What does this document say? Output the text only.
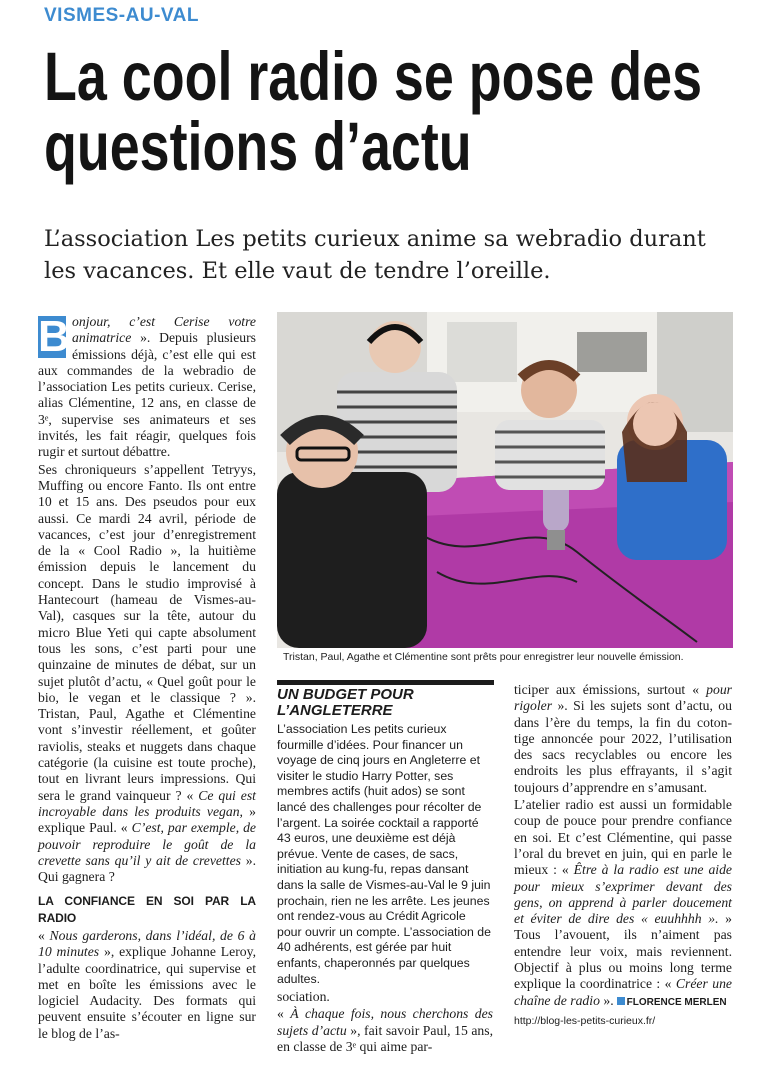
VISMES-AU-VAL
La cool radio se pose des questions d’actu

L’association Les petits curieux anime sa webradio durant les vacances. Et elle vaut de tendre l’oreille.

B onjour, c’est Cerise votre animatrice ». Depuis plusieurs émissions déjà, c’est elle qui est aux commandes de la webradio de l’association Les petits curieux. Cerise, alias Clémentine, 12 ans, en classe de 3ᵉ, supervise ses animateurs et ses invités, les fait réagir, quelques fois rugir et surtout débattre.

Ses chroniqueurs s’appellent Tetryys, Muffing ou encore Fanto. Ils ont entre 10 et 15 ans. Des pseudos pour eux aussi. Ce mardi 24 avril, période de vacances, c’est jour d’enregistrement de la « Cool Radio », la huitième émission depuis le lancement du concept. Dans le studio improvisé à Hantecourt (hameau de Vismes-au-Val), casques sur la tête, autour du micro Blue Yeti qui capte absolument tous les sons, c’est parti pour une quinzaine de minutes de débat, sur un sujet plutôt d’actu, « Quel goût pour le bio, le vegan et le classique ? ». Tristan, Paul, Agathe et Clémentine vont s’investir réellement, et goûter raviolis, steaks et nuggets dans chaque catégorie (la cuisine est toute proche), tout en livrant leurs impressions. Qui sera le grand vainqueur ? « Ce qui est incroyable dans les produits vegan, » explique Paul. « C’est, par exemple, de pouvoir reproduire le goût de la crevette sans qu’il y ait de crevettes ». Qui gagnera ?

LA CONFIANCE EN SOI PAR LA RADIO

« Nous garderons, dans l’idéal, de 6 à 10 minutes », explique Johanne Leroy, l’adulte coordinatrice, qui supervise et met en boîte les émissions avec le logiciel Audacity. Des formats qui peuvent ensuite s’écouter en ligne sur le blog de l’as-

Tristan, Paul, Agathe et Clémentine sont prêts pour enregistrer leur nouvelle émission.

UN BUDGET POUR L’ANGLETERRE

L’association Les petits curieux fourmille d’idées. Pour financer un voyage de cinq jours en Angleterre et visiter le studio Harry Potter, ses membres actifs (huit ados) se sont lancé des challenges pour récolter de l’argent. La soirée cocktail a rapporté 43 euros, une deuxième est déjà prévue. Vente de cases, de sacs, initiation au kung-fu, repas dansant dans la salle de Vismes-au-Val le 9 juin prochain, rien ne les arrête. Les jeunes ont rendez-vous au Crédit Agricole pour ouvrir un compte. L’association de 40 adhérents, est gérée par huit enfants, chaperonnés par quelques adultes.

sociation.

« À chaque fois, nous cherchons des sujets d’actu », fait savoir Paul, 15 ans, en classe de 3ᵉ qui aime par-

ticiper aux émissions, surtout « pour rigoler ». Si les sujets sont d’actu, ou dans l’ère du temps, la fin du coton-tige annoncée pour 2022, l’utilisation des sacs recyclables ou encore les endroits les plus effrayants, il s’agit toujours d’apprendre en s’amusant.

L’atelier radio est aussi un formidable coup de pouce pour prendre confiance en soi. Et c’est Clémentine, qui passe l’oral du brevet en juin, qui en parle le mieux : « Être à la radio est une aide pour mieux s’exprimer devant des gens, on apprend à parler doucement et éviter de dire des « euuhhhh ». » Tous l’avouent, ils n’aiment pas entendre leur voix, mais reviennent. Objectif à plus ou moins long terme explique la coordinatrice : « Créer une chaîne de radio ». FLORENCE MERLEN

http://blog-les-petits-curieux.fr/
